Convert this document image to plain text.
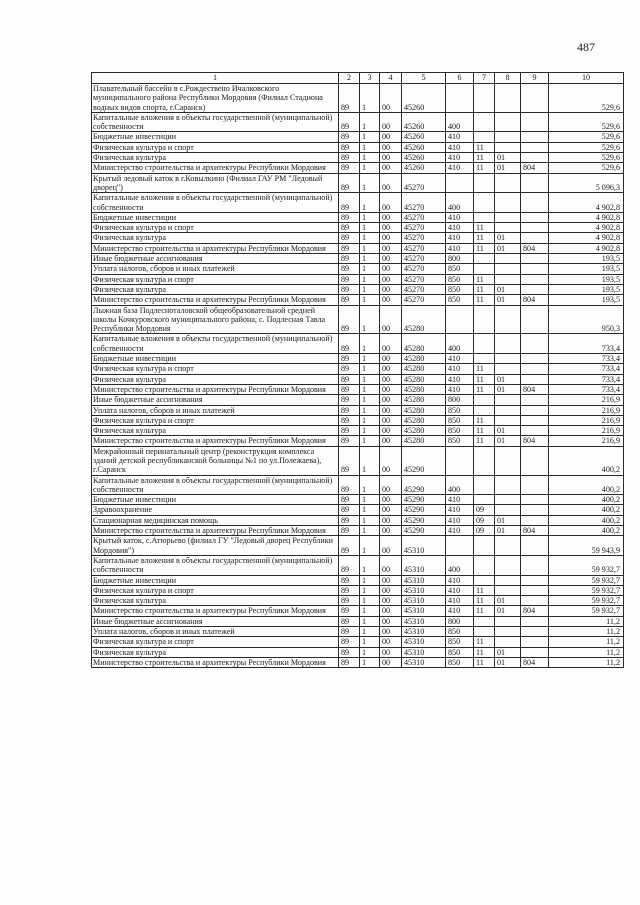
487
1	2	3	4	5	6	7	8	9	10
Плавательный бассейн в с.Рождествено Ичалковского муниципального района Республики Мордовия (Филиал Стадиона водных видов спорта, г.Саранск)	89	1	00	45260					529,6
Капитальные вложения в объекты государственной (муниципальной) собственности	89	1	00	45260	400				529,6
Бюджетные инвестиции	89	1	00	45260	410				529,6
Физическая культура и спорт	89	1	00	45260	410	11			529,6
Физическая культура	89	1	00	45260	410	11	01		529,6
Министерство строительства и архитектуры Республики Мордовия	89	1	00	45260	410	11	01	804	529,6
Крытый ледовый каток в г.Ковылкино (Филиал ГАУ РМ "Ледовый дворец")	89	1	00	45270					5 096,3
Капитальные вложения в объекты государственной (муниципальной) собственности	89	1	00	45270	400				4 902,8
Бюджетные инвестиции	89	1	00	45270	410				4 902,8
Физическая культура и спорт	89	1	00	45270	410	11			4 902,8
Физическая культура	89	1	00	45270	410	11	01		4 902,8
Министерство строительства и архитектуры Республики Мордовия	89	1	00	45270	410	11	01	804	4 902,8
Иные бюджетные ассигнования	89	1	00	45270	800				193,5
Уплата налогов, сборов и иных платежей	89	1	00	45270	850				193,5
Физическая культура и спорт	89	1	00	45270	850	11			193,5
Физическая культура	89	1	00	45270	850	11	01		193,5
Министерство строительства и архитектуры Республики Мордовия	89	1	00	45270	850	11	01	804	193,5
Лыжная база Подлесноталовской общеобразовательной средней школы Кочкуровского муниципального района, с. Подлесная Тавла Республики Мордовия	89	1	00	45280					950,3
Капитальные вложения в объекты государственной (муниципальной) собственности	89	1	00	45280	400				733,4
Бюджетные инвестиции	89	1	00	45280	410				733,4
Физическая культура и спорт	89	1	00	45280	410	11			733,4
Физическая культура	89	1	00	45280	410	11	01		733,4
Министерство строительства и архитектуры Республики Мордовия	89	1	00	45280	410	11	01	804	733,4
Иные бюджетные ассигнования	89	1	00	45280	800				216,9
Уплата налогов, сборов и иных платежей	89	1	00	45280	850				216,9
Физическая культура и спорт	89	1	00	45280	850	11			216,9
Физическая культура	89	1	00	45280	850	11	01		216,9
Министерство строительства и архитектуры Республики Мордовия	89	1	00	45280	850	11	01	804	216,9
Межрайонный перинатальный центр (реконструкция комплекса зданий детской республиканской больницы №1 по ул.Полежаева), г.Саранск	89	1	00	45290					400,2
Капитальные вложения в объекты государственной (муниципальной) собственности	89	1	00	45290	400				400,2
Бюджетные инвестиции	89	1	00	45290	410				400,2
Здравоохранение	89	1	00	45290	410	09			400,2
Стационарная медицинская помощь	89	1	00	45290	410	09	01		400,2
Министерство строительства и архитектуры Республики Мордовия	89	1	00	45290	410	09	01	804	400,2
Крытый каток, с.Атюрьево (филиал ГУ "Ледовый дворец Республики Мордовия")	89	1	00	45310					59 943,9
Капитальные вложения в объекты государственной (муниципальной) собственности	89	1	00	45310	400				59 932,7
Бюджетные инвестиции	89	1	00	45310	410				59 932,7
Физическая культура и спорт	89	1	00	45310	410	11			59 932,7
Физическая культура	89	1	00	45310	410	11	01		59 932,7
Министерство строительства и архитектуры Республики Мордовия	89	1	00	45310	410	11	01	804	59 932,7
Иные бюджетные ассигнования	89	1	00	45310	800				11,2
Уплата налогов, сборов и иных платежей	89	1	00	45310	850				11,2
Физическая культура и спорт	89	1	00	45310	850	11			11,2
Физическая культура	89	1	00	45310	850	11	01		11,2
Министерство строительства и архитектуры Республики Мордовия	89	1	00	45310	850	11	01	804	11,2
